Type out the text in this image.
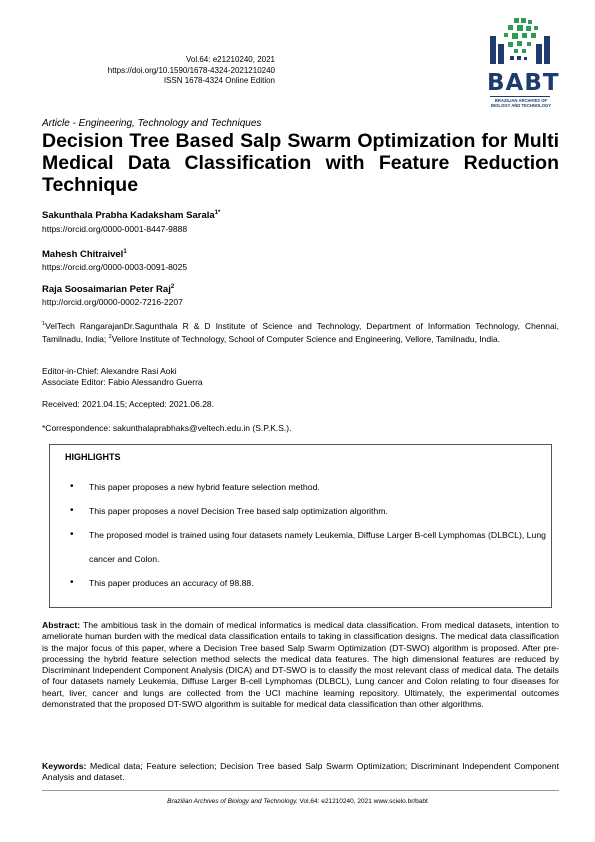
Vol.64: e21210240, 2021
https://doi.org/10.1590/1678-4324-2021210240
ISSN 1678-4324 Online Edition	BABT
BRAZILIAN ARCHIVES OF BIOLOGY AND TECHNOLOGY
Article - Engineering, Technology and Techniques
Decision Tree Based Salp Swarm Optimization for Multi Medical Data Classification with Feature Reduction Technique
Sakunthala Prabha Kadaksham Sarala$^{1*}$
https://orcid.org/0000-0001-8447-9888
Mahesh Chitraivel$^1$
https://orcid.org/0000-0003-0091-8025
Raja Soosaimarian Peter Raj$^2$
http://orcid.org/0000-0002-7216-2207
$^1$VelTech RangarajanDr.Sagunthala R & D Institute of Science and Technology, Department of Information Technology, Chennai, Tamilnadu, India; $^2$Vellore Institute of Technology, School of Computer Science and Engineering, Vellore, Tamilnadu, India.
Editor-in-Chief: Alexandre Rasi Aoki
Associate Editor: Fabio Alessandro Guerra
Received: 2021.04.15; Accepted: 2021.06.28.
*Correspondence: sakunthalaprabhaks@veltech.edu.in (S.P.K.S.).
HIGHLIGHTS
• This paper proposes a new hybrid feature selection method.
• This paper proposes a novel Decision Tree based salp optimization algorithm.
• The proposed model is trained using four datasets namely Leukemia, Diffuse Larger B-cell Lymphomas (DLBCL), Lung cancer and Colon.
• This paper produces an accuracy of 98.88.
Abstract: The ambitious task in the domain of medical informatics is medical data classification. From medical datasets, intention to ameliorate human burden with the medical data classification entails to taking in classification designs. The medical data classification is the major focus of this paper, where a Decision Tree based Salp Swarm Optimization (DT-SWO) algorithm is proposed. After pre-processing the hybrid feature selection method selects the medical data features. The high dimensional features are reduced by Discriminant Independent Component Analysis (DICA) and DT-SWO is to classify the most relevant class of medical data. The details of four datasets namely Leukemia, Diffuse Larger B-cell Lymphomas (DLBCL), Lung cancer and Colon relating to four diseases for heart, liver, cancer and lungs are collected from the UCI machine learning repository. Ultimately, the experimental outcomes demonstrated that the proposed DT-SWO algorithm is suitable for medical data classification than other algorithms.
Keywords: Medical data; Feature selection; Decision Tree based Salp Swarm Optimization; Discriminant Independent Component Analysis and dataset.
Brazilian Archives of Biology and Technology. Vol.64: e21210240, 2021 www.scielo.br/babt
